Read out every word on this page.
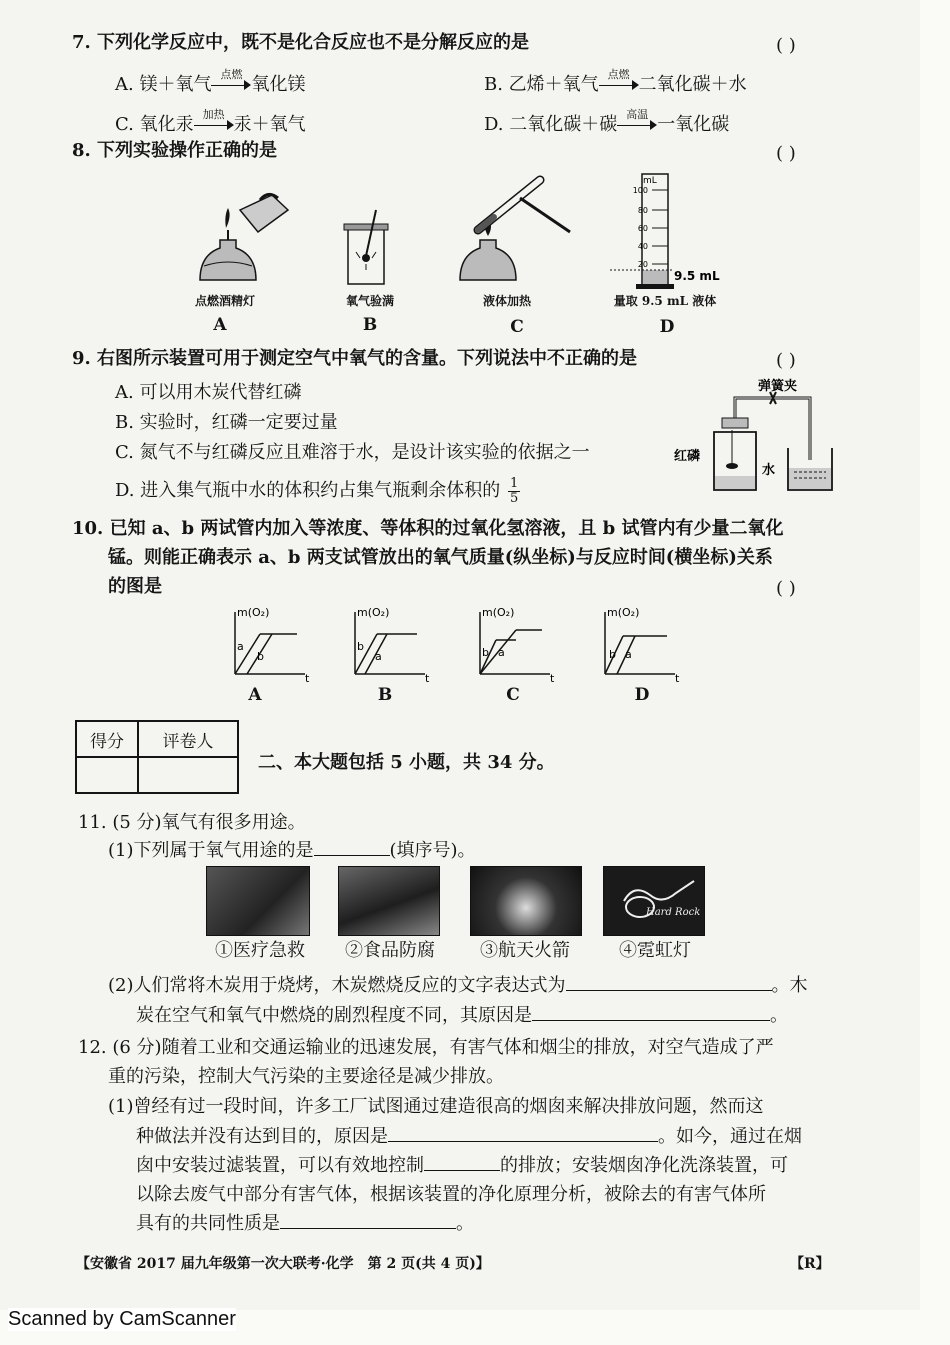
7. 下列化学反应中，既不是化合反应也不是分解反应的是	( )
A. 镁＋氧气 点燃 氧化镁	B. 乙烯＋氧气 点燃 二氧化碳＋水
C. 氧化汞 加热 汞＋氧气	D. 二氧化碳＋碳 高温 一氧化碳
8. 下列实验操作正确的是	( )
mL
100
80
60
40
20
9.5 mL
点燃酒精灯	氧气验满	液体加热	量取 9.5 mL 液体
A	B	C	D
9. 右图所示装置可用于测定空气中氧气的含量。下列说法中不正确的是	( )
A. 可以用木炭代替红磷
B. 实验时，红磷一定要过量
C. 氮气不与红磷反应且难溶于水，是设计该实验的依据之一
D. 进入集气瓶中水的体积约占集气瓶剩余体积的 $\frac{1}{5}$
弹簧夹
红磷
水
10. 已知 a、b 两试管内加入等浓度、等体积的过氧化氢溶液，且 b 试管内有少量二氧化
锰。则能正确表示 a、b 两支试管放出的氧气质量(纵坐标)与反应时间(横坐标)关系
的图是	( )
m(O₂)
t
a
b
m(O₂)
t
b
a
m(O₂)
t
b a
m(O₂)
t
b a
A	B	C	D
得分	评卷人

二、本大题包括 5 小题，共 34 分。
11. (5 分)氧气有很多用途。
(1)下列属于氧气用途的是	(填序号)。
Hard Rock
①医疗急救	②食品防腐	③航天火箭	④霓虹灯
(2)人们常将木炭用于烧烤，木炭燃烧反应的文字表达式为	。木
炭在空气和氧气中燃烧的剧烈程度不同，其原因是	。
12. (6 分)随着工业和交通运输业的迅速发展，有害气体和烟尘的排放，对空气造成了严
重的污染，控制大气污染的主要途径是减少排放。
(1)曾经有过一段时间，许多工厂试图通过建造很高的烟囱来解决排放问题，然而这
种做法并没有达到目的，原因是	。如今，通过在烟
囱中安装过滤装置，可以有效地控制	的排放；安装烟囱净化洗涤装置，可
以除去废气中部分有害气体，根据该装置的净化原理分析，被除去的有害气体所
具有的共同性质是	。
【安徽省 2017 届九年级第一次大联考·化学　第 2 页(共 4 页)】	【R】
Scanned by CamScanner
